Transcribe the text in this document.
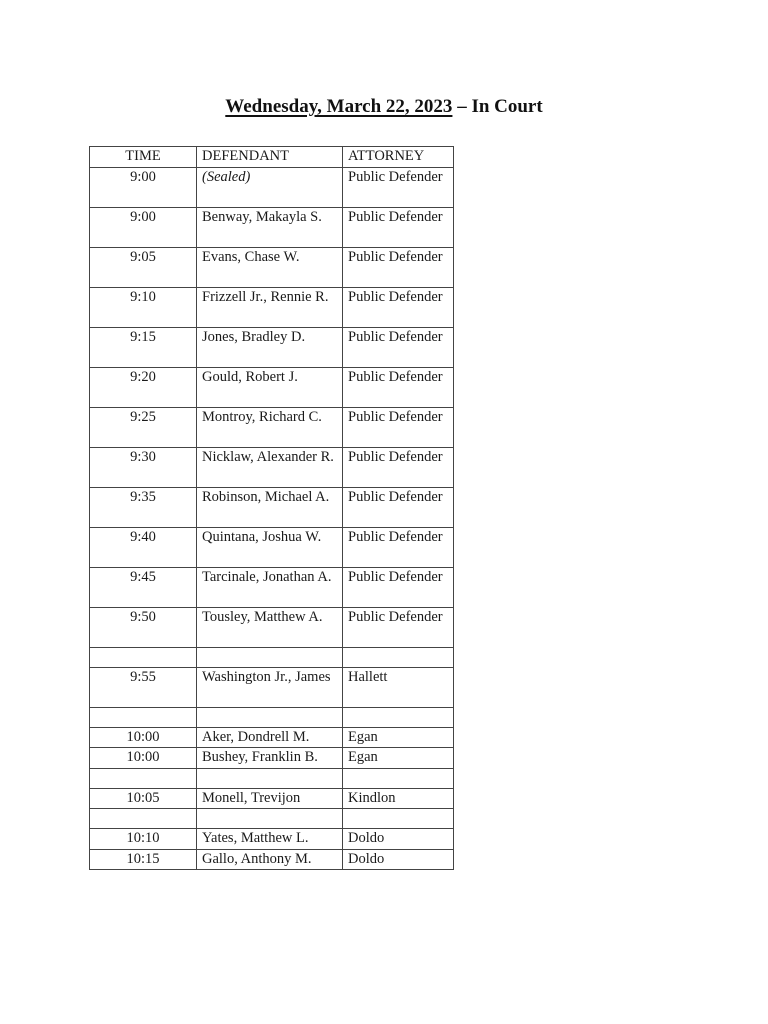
Wednesday, March 22, 2023 – In Court
TIME	DEFENDANT	ATTORNEY
9:00	(Sealed)	Public Defender
9:00	Benway, Makayla S.	Public Defender
9:05	Evans, Chase W.	Public Defender
9:10	Frizzell Jr., Rennie R.	Public Defender
9:15	Jones, Bradley D.	Public Defender
9:20	Gould, Robert J.	Public Defender
9:25	Montroy, Richard C.	Public Defender
9:30	Nicklaw, Alexander R.	Public Defender
9:35	Robinson, Michael A.	Public Defender
9:40	Quintana, Joshua W.	Public Defender
9:45	Tarcinale, Jonathan A.	Public Defender
9:50	Tousley, Matthew A.	Public Defender

9:55	Washington Jr., James	Hallett

10:00	Aker, Dondrell M.	Egan
10:00	Bushey, Franklin B.	Egan

10:05	Monell, Trevijon	Kindlon

10:10	Yates, Matthew L.	Doldo
10:15	Gallo, Anthony M.	Doldo
